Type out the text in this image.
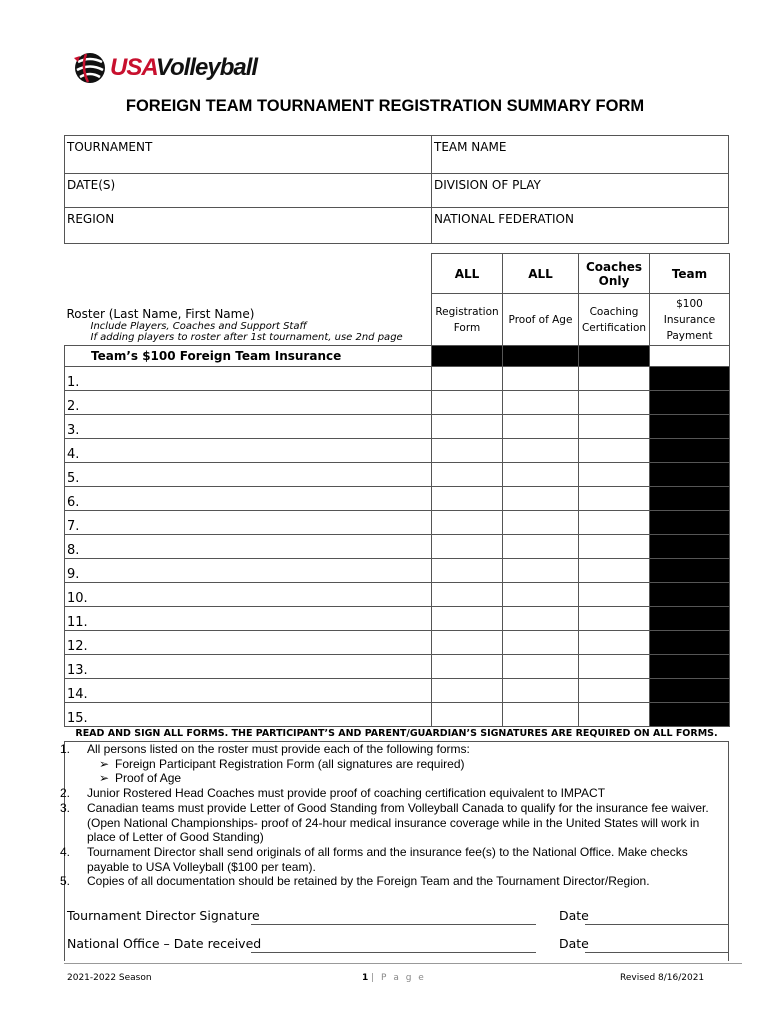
USAVolleyball
FOREIGN TEAM TOURNAMENT REGISTRATION SUMMARY FORM
TOURNAMENT	TEAM NAME
DATE(S)	DIVISION OF PLAY
REGION	NATIONAL FEDERATION
Roster (Last Name, First Name)
Include Players, Coaches and Support Staff
If adding players to roster after 1st tournament, use 2nd page	ALL	ALL	Coaches Only	Team
	Registration Form	Proof of Age	Coaching Certification	$100 Insurance Payment
Team’s $100 Foreign Team Insurance				
1.				
2.				
3.				
4.				
5.				
6.				
7.				
8.				
9.				
10.				
11.				
12.				
13.				
14.				
15.				
READ AND SIGN ALL FORMS. THE PARTICIPANT’S AND PARENT/GUARDIAN’S SIGNATURES ARE REQUIRED ON ALL FORMS.
1. All persons listed on the roster must provide each of the following forms:
➢ Foreign Participant Registration Form (all signatures are required)
➢ Proof of Age
2. Junior Rostered Head Coaches must provide proof of coaching certification equivalent to IMPACT
3. Canadian teams must provide Letter of Good Standing from Volleyball Canada to qualify for the insurance fee waiver. (Open National Championships- proof of 24-hour medical insurance coverage while in the United States will work in place of Letter of Good Standing)
4. Tournament Director shall send originals of all forms and the insurance fee(s) to the National Office. Make checks payable to USA Volleyball ($100 per team).
5. Copies of all documentation should be retained by the Foreign Team and the Tournament Director/Region.
Tournament Director Signature	Date
National Office – Date received	Date
2021-2022 Season	1 | P a g e	Revised 8/16/2021
